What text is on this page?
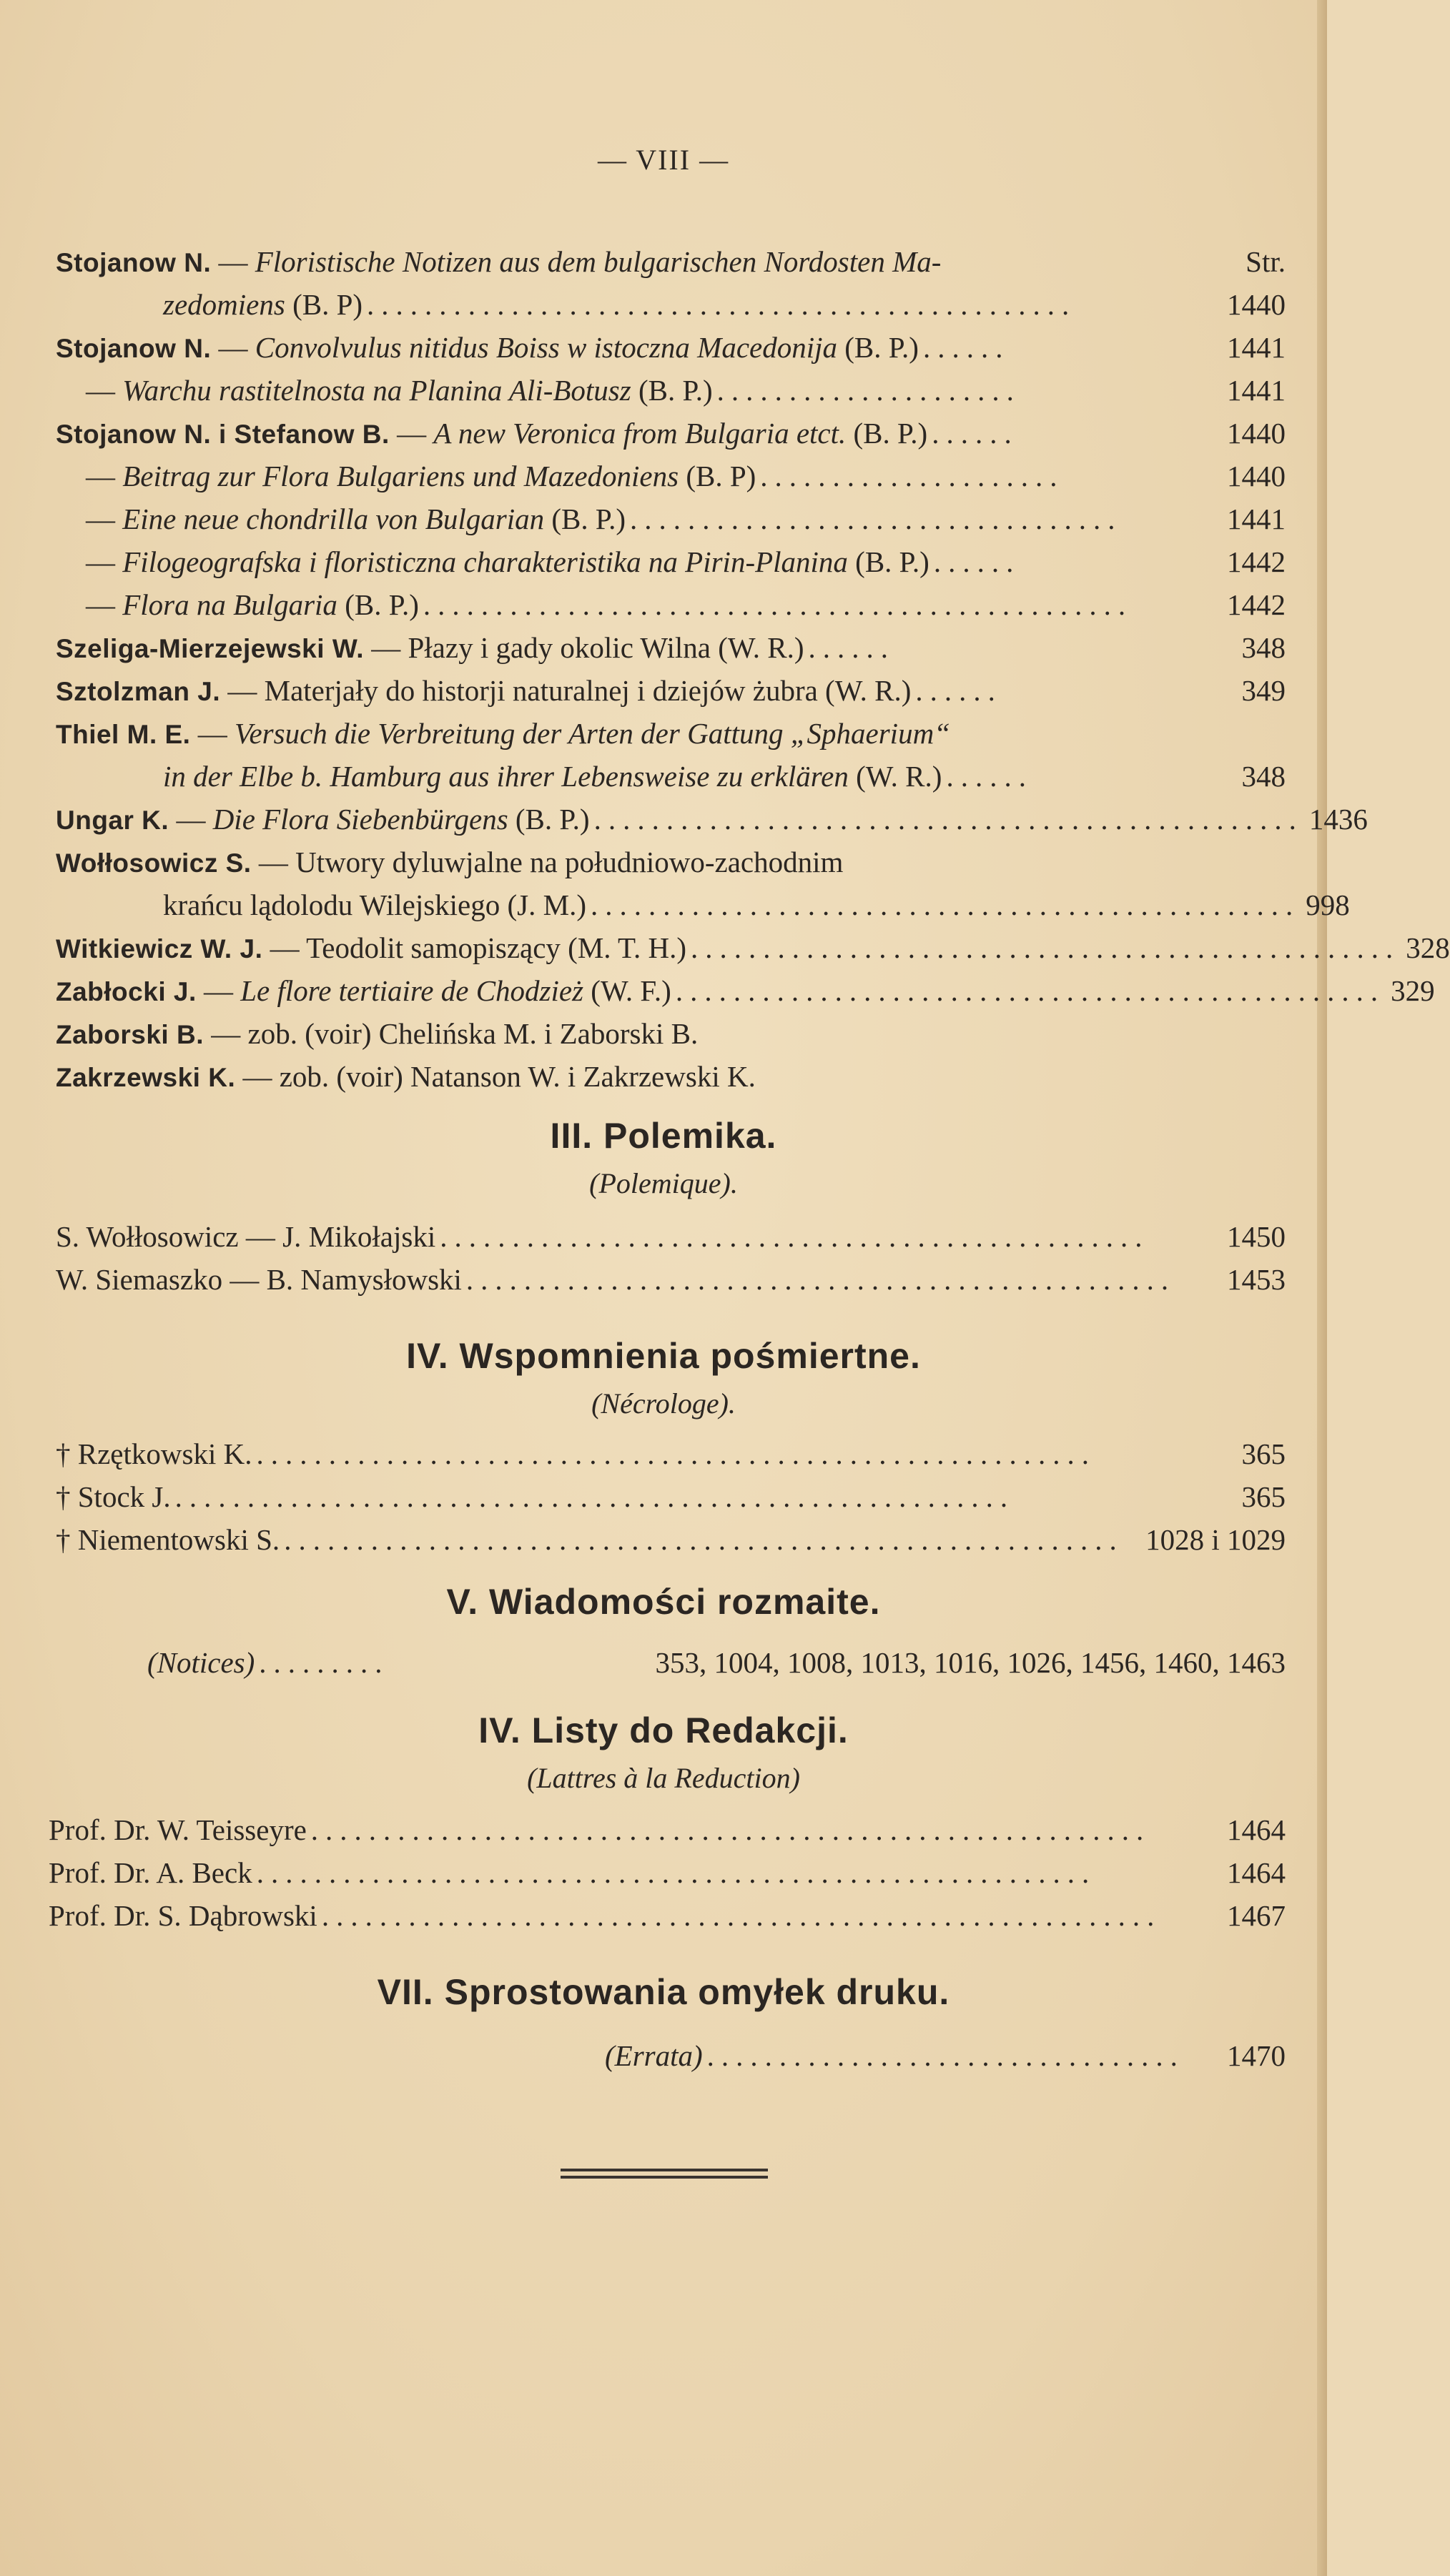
— VIII —
Stojanow N. — Floristische Notizen aus dem bulgarischen Nordosten Ma-	Str.
zedomiens (B. P) .................................................	1440
Stojanow N. — Convolvulus nitidus Boiss w istoczna Macedonija (B. P.) ......	1441
— Warchu rastitelnosta na Planina Ali-Botusz (B. P.) .....................	1441
Stojanow N. i Stefanow B. — A new Veronica from Bulgaria etct. (B. P.) ......	1440
— Beitrag zur Flora Bulgariens und Mazedoniens (B. P) .....................	1440
— Eine neue chondrilla von Bulgarian (B. P.) ..................................	1441
— Filogeografska i floristiczna charakteristika na Pirin-Planina (B. P.) ......	1442
— Flora na Bulgaria (B. P.) .................................................	1442
Szeliga-Mierzejewski W. — Płazy i gady okolic Wilna (W. R.) ......	348
Sztolzman J. — Materjały do historji naturalnej i dziejów żubra (W. R.) ......	349
Thiel M. E. — Versuch die Verbreitung der Arten der Gattung „Sphaerium“
in der Elbe b. Hamburg aus ihrer Lebensweise zu erklären (W. R.) ......	348
Ungar K. — Die Flora Siebenbürgens (B. P.) ................................................. 1436
Wołłosowicz S. — Utwory dyluwjalne na południowo-zachodnim
krańcu lądolodu Wilejskiego (J. M.) ................................................. 998
Witkiewicz W. J. — Teodolit samopiszący (M. T. H.) ................................................. 328
Zabłocki J. — Le flore tertiaire de Chodzież (W. F.) ................................................. 329
Zaborski B. — zob. (voir) Chelińska M. i Zaborski B.
Zakrzewski K. — zob. (voir) Natanson W. i Zakrzewski K.
III. Polemika.
(Polemique).
S. Wołłosowicz — J. Mikołajski .................................................	1450
W. Siemaszko — B. Namysłowski .................................................	1453
IV. Wspomnienia pośmiertne.
(Nécrologe).
† Rzętkowski K. ..........................................................	365
† Stock J. ..........................................................	365
† Niementowski S. .......................................................... 1028 i 1029
V. Wiadomości rozmaite.
(Notices) .........	353, 1004, 1008, 1013, 1016, 1026, 1456, 1460, 1463
IV. Listy do Redakcji.
(Lattres à la Reduction)
Prof. Dr. W. Teisseyre ..........................................................	1464
Prof. Dr. A. Beck ..........................................................	1464
Prof. Dr. S. Dąbrowski ..........................................................	1467
VII. Sprostowania omyłek druku.
(Errata) .................................	1470
